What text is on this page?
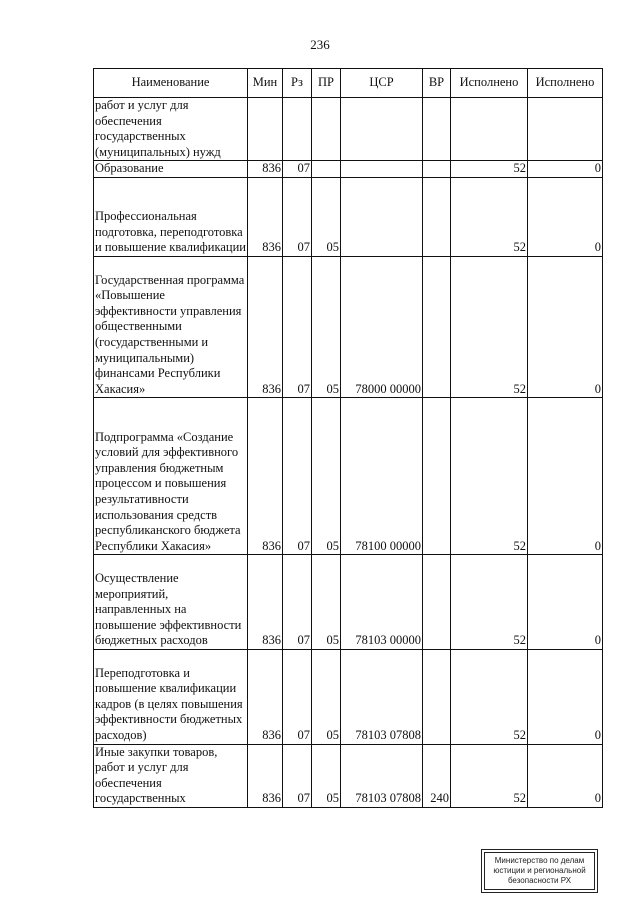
236
Наименование	Мин	Рз	ПР	ЦСР	ВР	Исполнено	Исполнено
работ и услуг для обеспечения государственных (муниципальных) нужд							
Образование	836	07				52	0
Профессиональная подготовка, переподготовка и повышение квалификации	836	07	05			52	0
Государственная программа «Повышение эффективности управления общественными (государственными и муниципальными) финансами Республики Хакасия»	836	07	05	78000 00000		52	0
Подпрограмма «Создание условий для эффективного управления бюджетным процессом и повышения результативности использования средств республиканского бюджета Республики Хакасия»	836	07	05	78100 00000		52	0
Осуществление мероприятий, направленных на повышение эффективности бюджетных расходов	836	07	05	78103 00000		52	0
Переподготовка и повышение квалификации кадров (в целях повышения эффективности бюджетных расходов)	836	07	05	78103 07808		52	0
Иные закупки товаров, работ и услуг для обеспечения государственных	836	07	05	78103 07808	240	52	0
Министерство по делам
юстиции и региональной
безопасности РХ
